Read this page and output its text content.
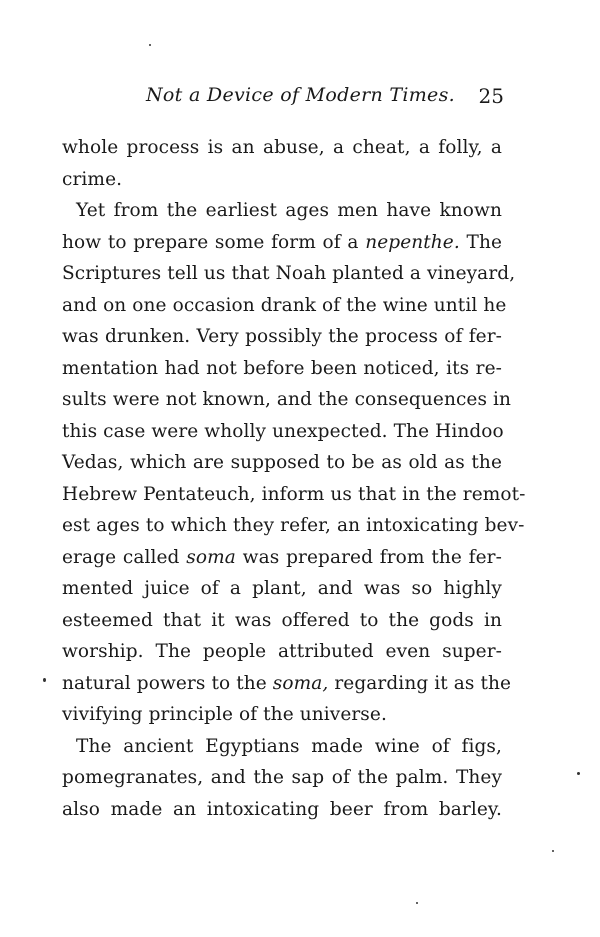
Not a Device of Modern Times. 25
whole process is an abuse, a cheat, a folly, a
crime.
Yet from the earliest ages men have known
how to prepare some form of a nepenthe. The
Scriptures tell us that Noah planted a vineyard,
and on one occasion drank of the wine until he
was drunken. Very possibly the process of fer-
mentation had not before been noticed, its re-
sults were not known, and the consequences in
this case were wholly unexpected. The Hindoo
Vedas, which are supposed to be as old as the
Hebrew Pentateuch, inform us that in the remot-
est ages to which they refer, an intoxicating bev-
erage called soma was prepared from the fer-
mented juice of a plant, and was so highly
esteemed that it was offered to the gods in
worship. The people attributed even super-
natural powers to the soma, regarding it as the
vivifying principle of the universe.
The ancient Egyptians made wine of figs,
pomegranates, and the sap of the palm. They
also made an intoxicating beer from barley.
